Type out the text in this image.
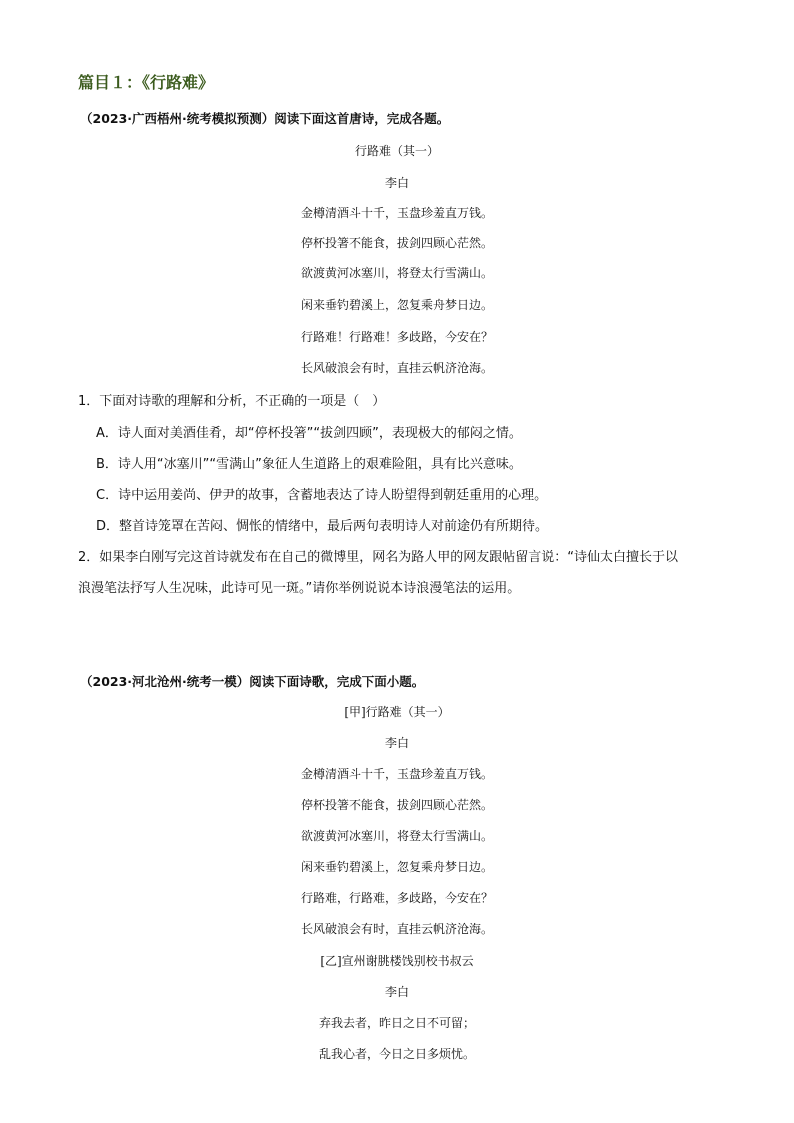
篇目１：《行路难》
（2023·广西梧州·统考模拟预测）阅读下面这首唐诗，完成各题。
行路难（其一）
李白
金樽清酒斗十千，玉盘珍羞直万钱。
停杯投箸不能食，拔剑四顾心茫然。
欲渡黄河冰塞川，将登太行雪满山。
闲来垂钓碧溪上，忽复乘舟梦日边。
行路难！行路难！多歧路，今安在？
长风破浪会有时，直挂云帆济沧海。
1．下面对诗歌的理解和分析，不正确的一项是（　）
A．诗人面对美酒佳肴，却“停杯投箸”“拔剑四顾”，表现极大的郁闷之情。
B．诗人用“冰塞川”“雪满山”象征人生道路上的艰难险阻，具有比兴意味。
C．诗中运用姜尚、伊尹的故事，含蓄地表达了诗人盼望得到朝廷重用的心理。
D．整首诗笼罩在苦闷、惆怅的情绪中，最后两句表明诗人对前途仍有所期待。
2．如果李白刚写完这首诗就发布在自己的微博里，网名为路人甲的网友跟帖留言说：“诗仙太白擅长于以
浪漫笔法抒写人生况味，此诗可见一斑。”请你举例说说本诗浪漫笔法的运用。
（2023·河北沧州·统考一模）阅读下面诗歌，完成下面小题。
[甲]行路难（其一）
李白
金樽清酒斗十千，玉盘珍羞直万钱。
停杯投箸不能食，拔剑四顾心茫然。
欲渡黄河冰塞川，将登太行雪满山。
闲来垂钓碧溪上，忽复乘舟梦日边。
行路难，行路难，多歧路，今安在？
长风破浪会有时，直挂云帆济沧海。
[乙]宣州谢朓楼饯别校书叔云
李白
弃我去者，昨日之日不可留；
乱我心者，今日之日多烦忧。
